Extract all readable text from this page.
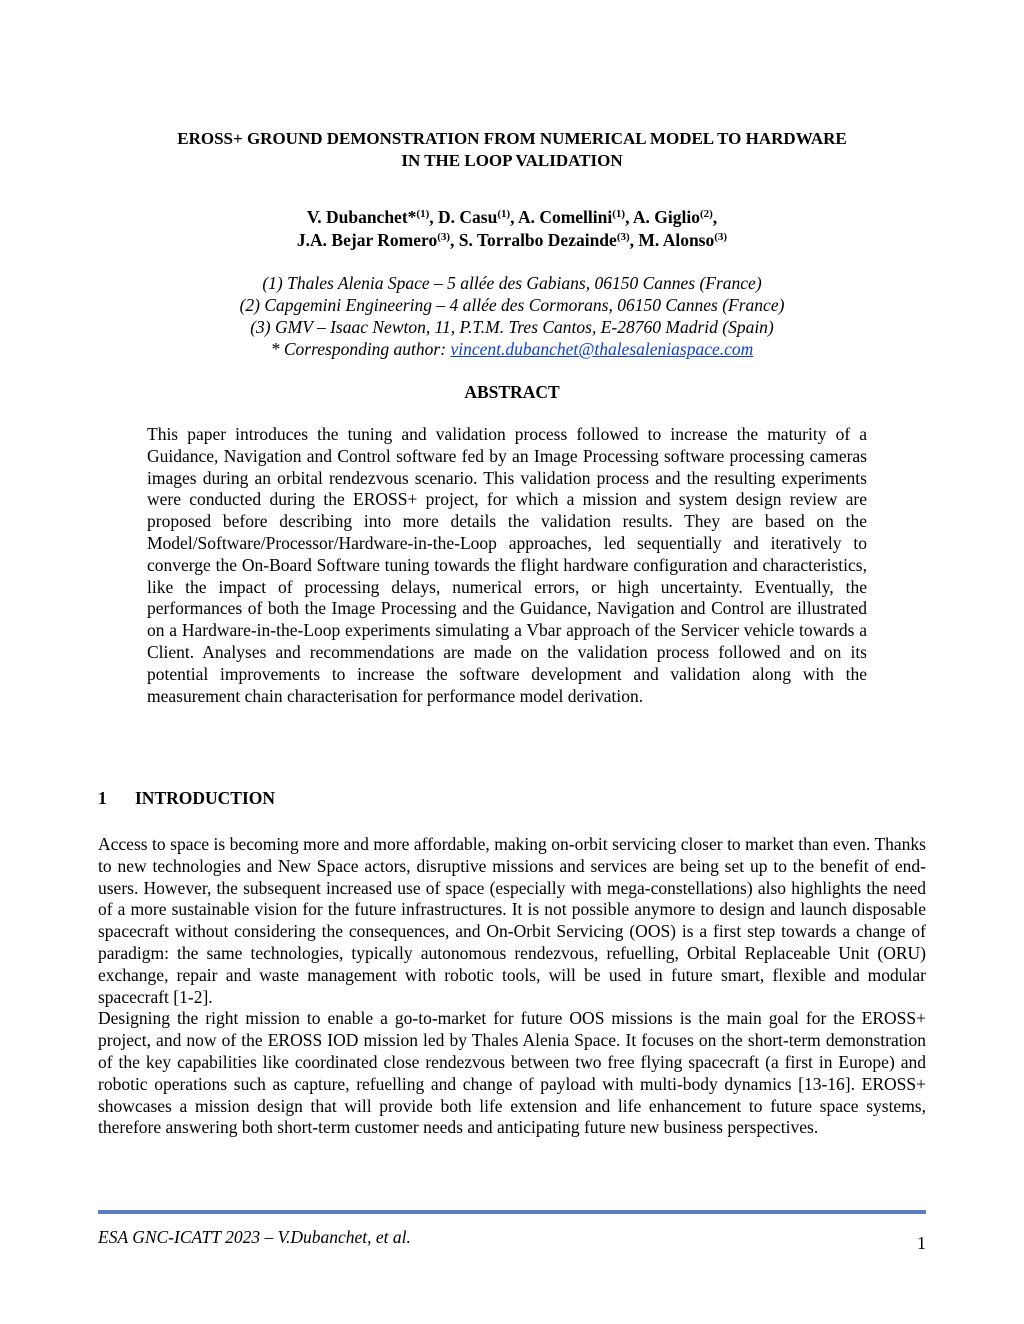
EROSS+ GROUND DEMONSTRATION FROM NUMERICAL MODEL TO HARDWARE
IN THE LOOP VALIDATION
V. Dubanchet*$^{(1)}$, D. Casu$^{(1)}$, A. Comellini$^{(1)}$, A. Giglio$^{(2)}$,
J.A. Bejar Romero$^{(3)}$, S. Torralbo Dezainde$^{(3)}$, M. Alonso$^{(3)}$
(1) Thales Alenia Space – 5 allée des Gabians, 06150 Cannes (France)
(2) Capgemini Engineering – 4 allée des Cormorans, 06150 Cannes (France)
(3) GMV – Isaac Newton, 11, P.T.M. Tres Cantos, E-28760 Madrid (Spain)
* Corresponding author: vincent.dubanchet@thalesaleniaspace.com
ABSTRACT
This paper introduces the tuning and validation process followed to increase the maturity of a Guidance, Navigation and Control software fed by an Image Processing software processing cameras images during an orbital rendezvous scenario. This validation process and the resulting experiments were conducted during the EROSS+ project, for which a mission and system design review are proposed before describing into more details the validation results. They are based on the Model/Software/Processor/Hardware-in-the-Loop approaches, led sequentially and iteratively to converge the On-Board Software tuning towards the flight hardware configuration and characteristics, like the impact of processing delays, numerical errors, or high uncertainty. Eventually, the performances of both the Image Processing and the Guidance, Navigation and Control are illustrated on a Hardware-in-the-Loop experiments simulating a Vbar approach of the Servicer vehicle towards a Client. Analyses and recommendations are made on the validation process followed and on its potential improvements to increase the software development and validation along with the measurement chain characterisation for performance model derivation.
1 INTRODUCTION

Access to space is becoming more and more affordable, making on-orbit servicing closer to market than even. Thanks to new technologies and New Space actors, disruptive missions and services are being set up to the benefit of end-users. However, the subsequent increased use of space (especially with mega-constellations) also highlights the need of a more sustainable vision for the future infrastructures. It is not possible anymore to design and launch disposable spacecraft without considering the consequences, and On-Orbit Servicing (OOS) is a first step towards a change of paradigm: the same technologies, typically autonomous rendezvous, refuelling, Orbital Replaceable Unit (ORU) exchange, repair and waste management with robotic tools, will be used in future smart, flexible and modular spacecraft [1-2].

Designing the right mission to enable a go-to-market for future OOS missions is the main goal for the EROSS+ project, and now of the EROSS IOD mission led by Thales Alenia Space. It focuses on the short-term demonstration of the key capabilities like coordinated close rendezvous between two free flying spacecraft (a first in Europe) and robotic operations such as capture, refuelling and change of payload with multi-body dynamics [13-16]. EROSS+ showcases a mission design that will provide both life extension and life enhancement to future space systems, therefore answering both short-term customer needs and anticipating future new business perspectives.

ESA GNC-ICATT 2023 – V.Dubanchet, et al.	1
